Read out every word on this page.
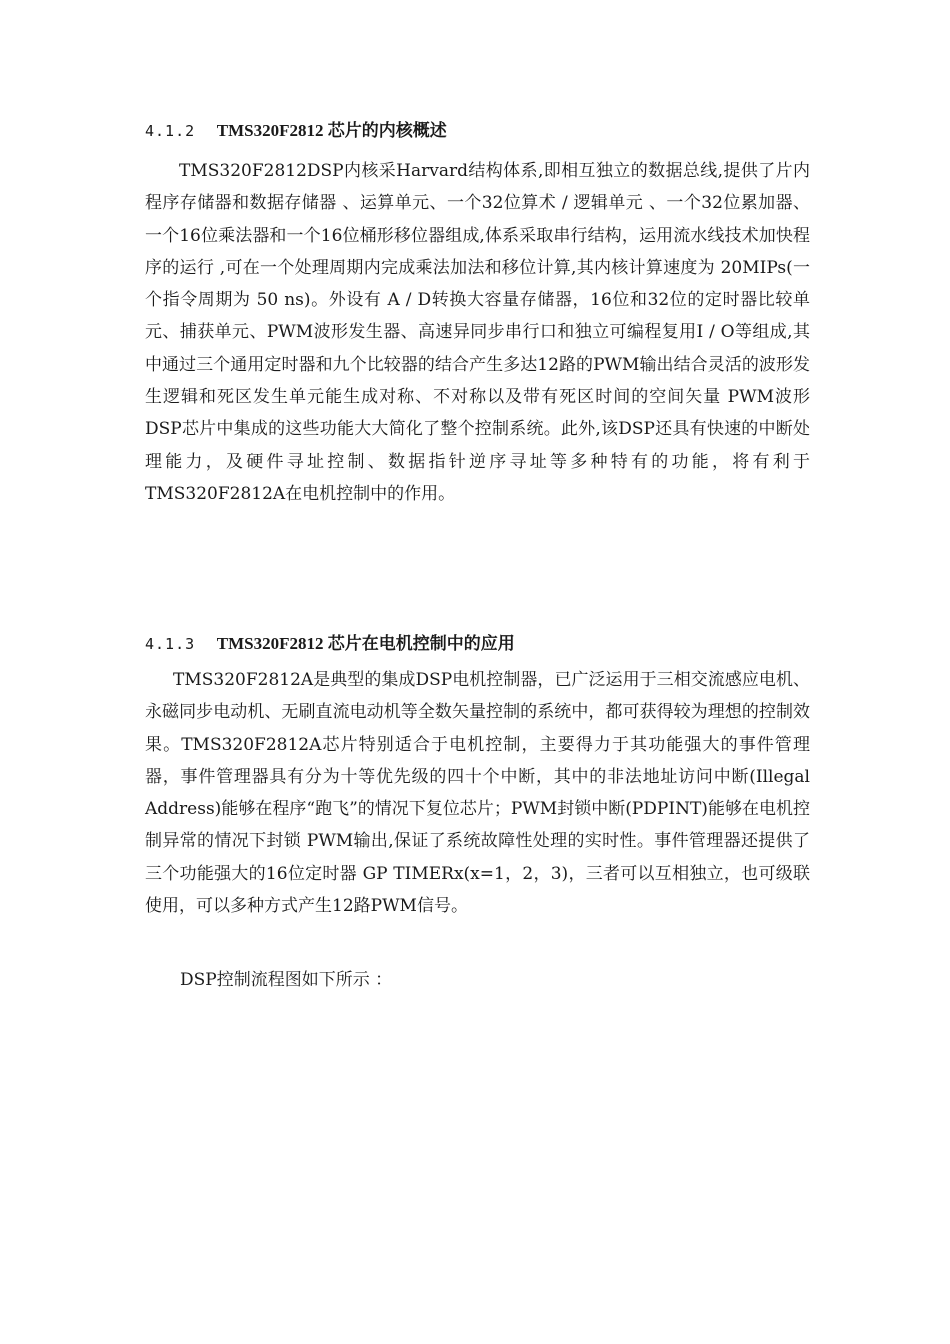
4.1.2 TMS320F2812 芯片的内核概述

TMS320F2812DSP内核采Harvard结构体系,即相互独立的数据总线,提供了片内程序存储器和数据存储器 、运算单元、一个32位算术 / 逻辑单元 、一个32位累加器、一个16位乘法器和一个16位桶形移位器组成,体系采取串行结构，运用流水线技术加快程序的运行 ,可在一个处理周期内完成乘法加法和移位计算,其内核计算速度为 20MIPs(一个指令周期为 50 ns)。外设有 A / D转换大容量存储器，16位和32位的定时器比较单元、捕获单元、PWM波形发生器、高速异同步串行口和独立可编程复用I / O等组成,其中通过三个通用定时器和九个比较器的结合产生多达12路的PWM输出结合灵活的波形发生逻辑和死区发生单元能生成对称、不对称以及带有死区时间的空间矢量 PWM波形DSP芯片中集成的这些功能大大简化了整个控制系统。此外,该DSP还具有快速的中断处理能力，及硬件寻址控制、数据指针逆序寻址等多种特有的功能，将有利于TMS320F2812A在电机控制中的作用。

4.1.3 TMS320F2812 芯片在电机控制中的应用

TMS320F2812A是典型的集成DSP电机控制器，已广泛运用于三相交流感应电机、永磁同步电动机、无刷直流电动机等全数矢量控制的系统中，都可获得较为理想的控制效果。TMS320F2812A芯片特别适合于电机控制，主要得力于其功能强大的事件管理器，事件管理器具有分为十等优先级的四十个中断，其中的非法地址访问中断(Illegal Address)能够在程序“跑飞”的情况下复位芯片；PWM封锁中断(PDPINT)能够在电机控制异常的情况下封锁 PWM输出,保证了系统故障性处理的实时性。事件管理器还提供了三个功能强大的16位定时器 GP TIMERx(x=1，2，3)，三者可以互相独立，也可级联使用，可以多种方式产生12路PWM信号。

DSP控制流程图如下所示 ：
